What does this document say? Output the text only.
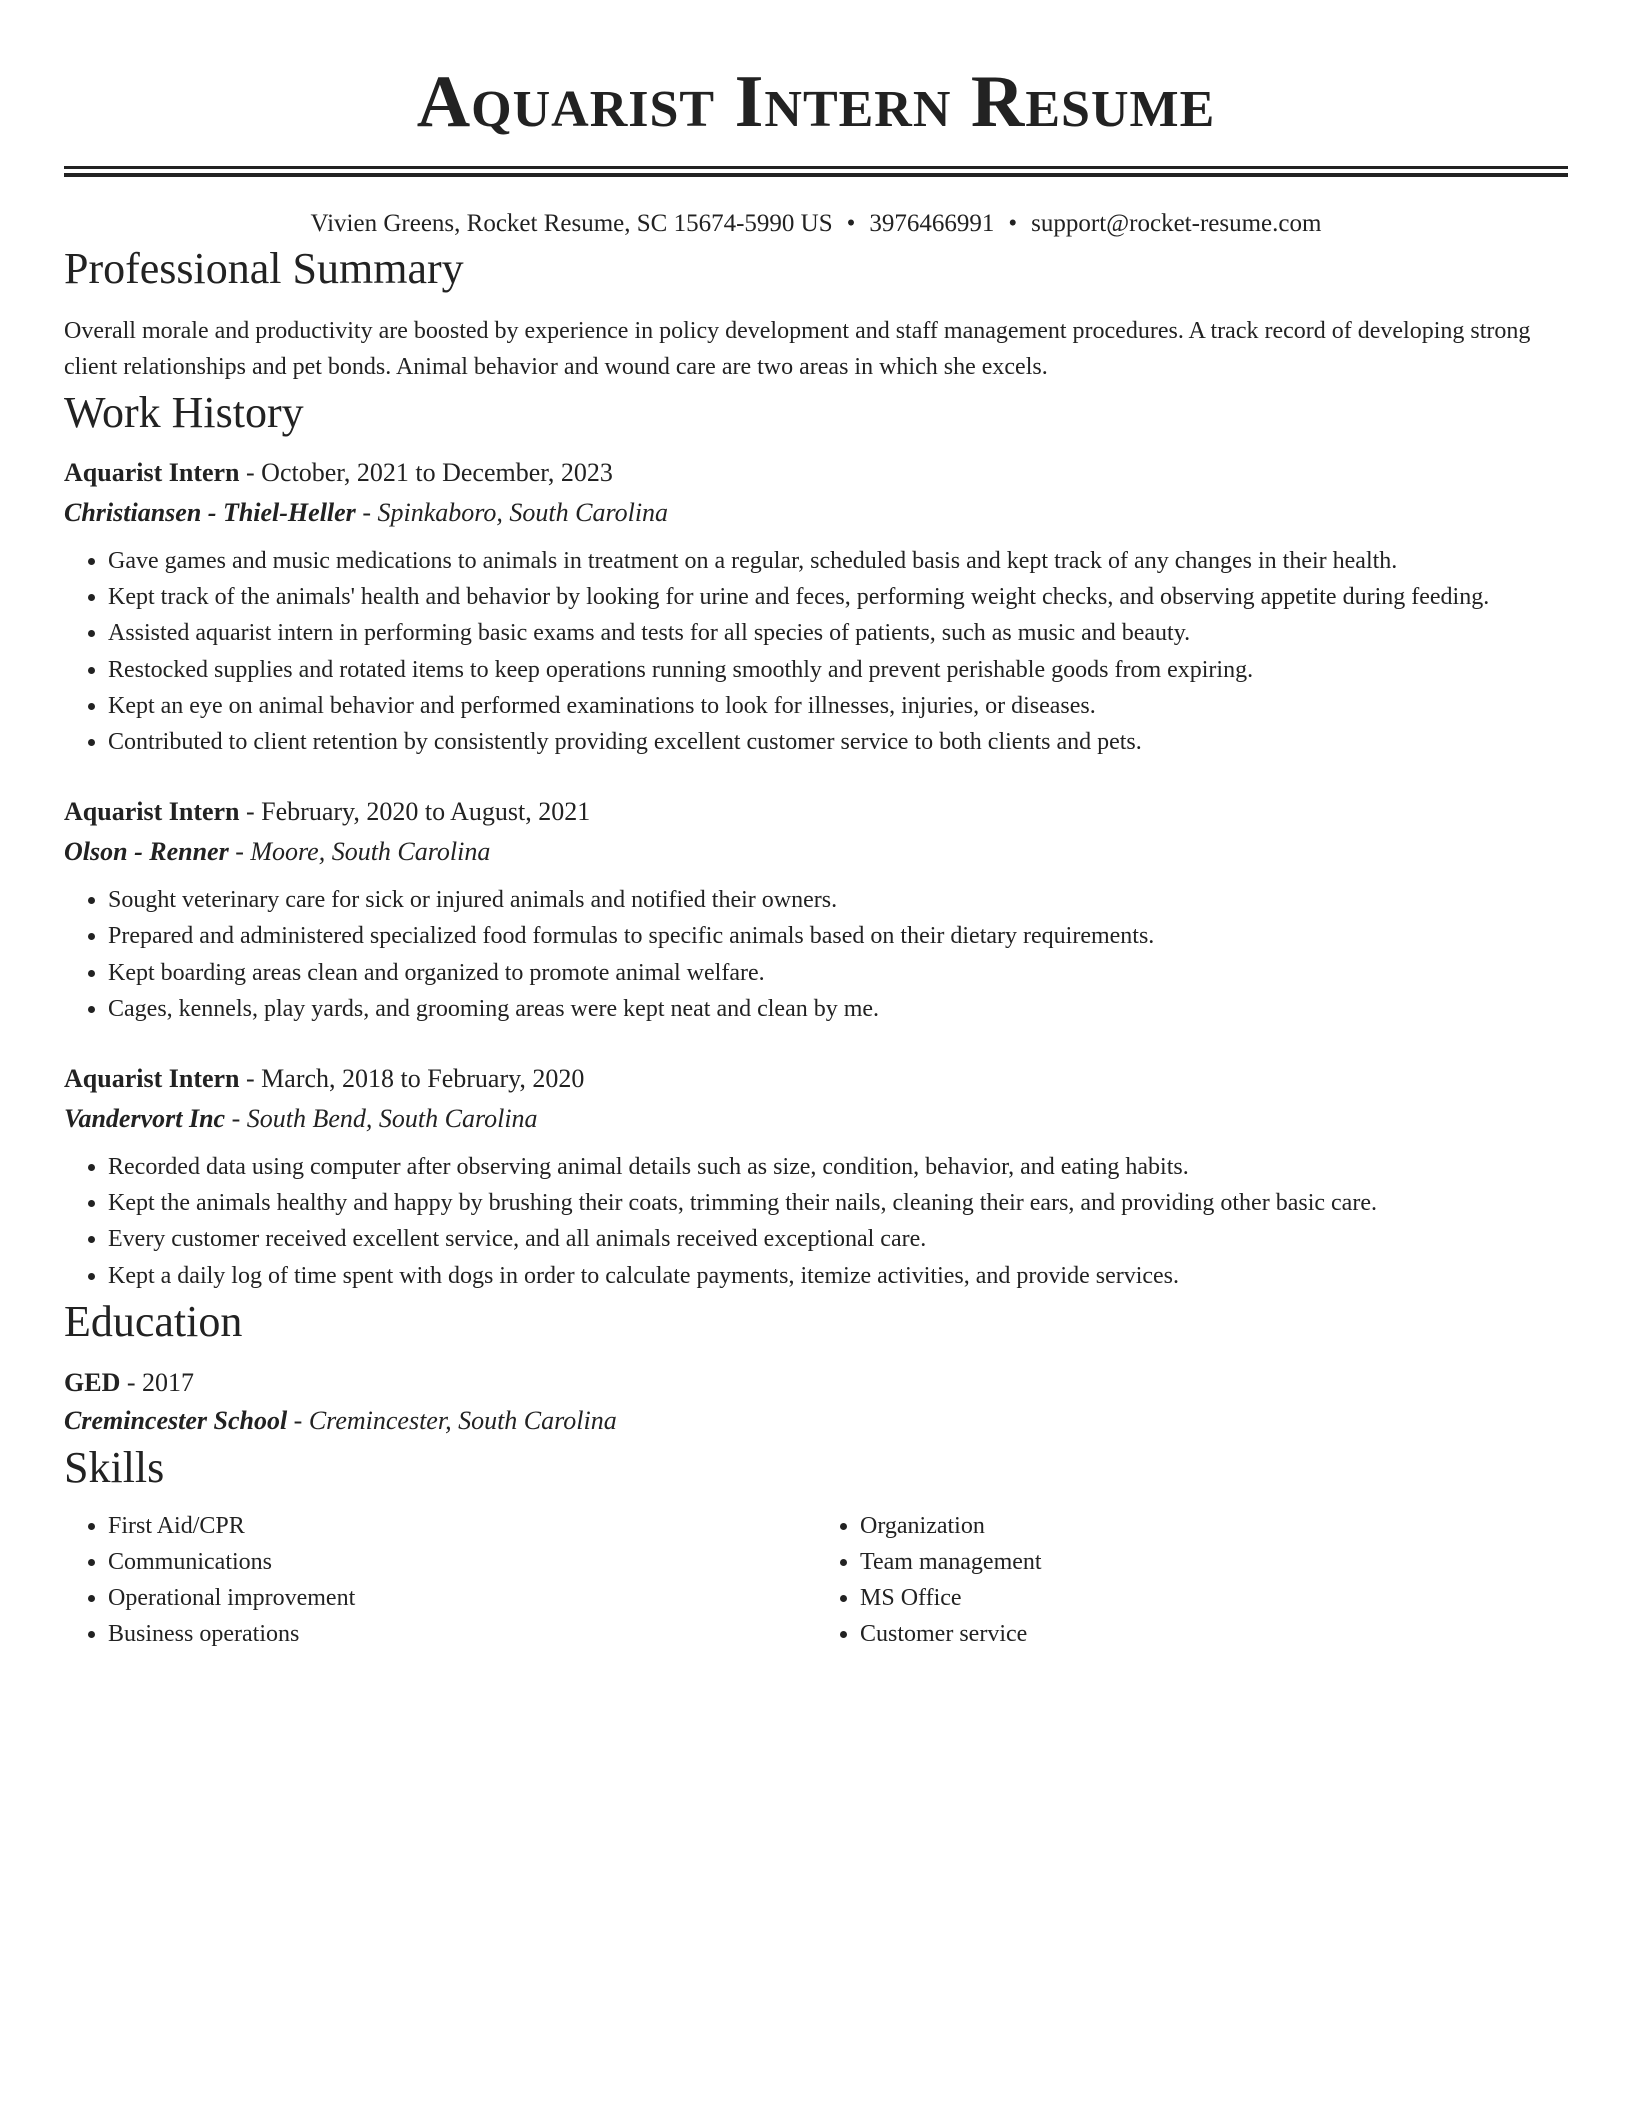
Aquarist Intern Resume
Vivien Greens, Rocket Resume, SC 15674-5990 US • 3976466991 • support@rocket-resume.com
Professional Summary
Overall morale and productivity are boosted by experience in policy development and staff management procedures. A track record of developing strong client relationships and pet bonds. Animal behavior and wound care are two areas in which she excels.
Work History
Aquarist Intern - October, 2021 to December, 2023
Christiansen - Thiel-Heller - Spinkaboro, South Carolina
• Gave games and music medications to animals in treatment on a regular, scheduled basis and kept track of any changes in their health.
• Kept track of the animals' health and behavior by looking for urine and feces, performing weight checks, and observing appetite during feeding.
• Assisted aquarist intern in performing basic exams and tests for all species of patients, such as music and beauty.
• Restocked supplies and rotated items to keep operations running smoothly and prevent perishable goods from expiring.
• Kept an eye on animal behavior and performed examinations to look for illnesses, injuries, or diseases.
• Contributed to client retention by consistently providing excellent customer service to both clients and pets.
Aquarist Intern - February, 2020 to August, 2021
Olson - Renner - Moore, South Carolina
• Sought veterinary care for sick or injured animals and notified their owners.
• Prepared and administered specialized food formulas to specific animals based on their dietary requirements.
• Kept boarding areas clean and organized to promote animal welfare.
• Cages, kennels, play yards, and grooming areas were kept neat and clean by me.
Aquarist Intern - March, 2018 to February, 2020
Vandervort Inc - South Bend, South Carolina
• Recorded data using computer after observing animal details such as size, condition, behavior, and eating habits.
• Kept the animals healthy and happy by brushing their coats, trimming their nails, cleaning their ears, and providing other basic care.
• Every customer received excellent service, and all animals received exceptional care.
• Kept a daily log of time spent with dogs in order to calculate payments, itemize activities, and provide services.
Education
GED - 2017
Cremincester School - Cremincester, South Carolina
Skills
• First Aid/CPR
• Communications
• Operational improvement
• Business operations
• Organization
• Team management
• MS Office
• Customer service
